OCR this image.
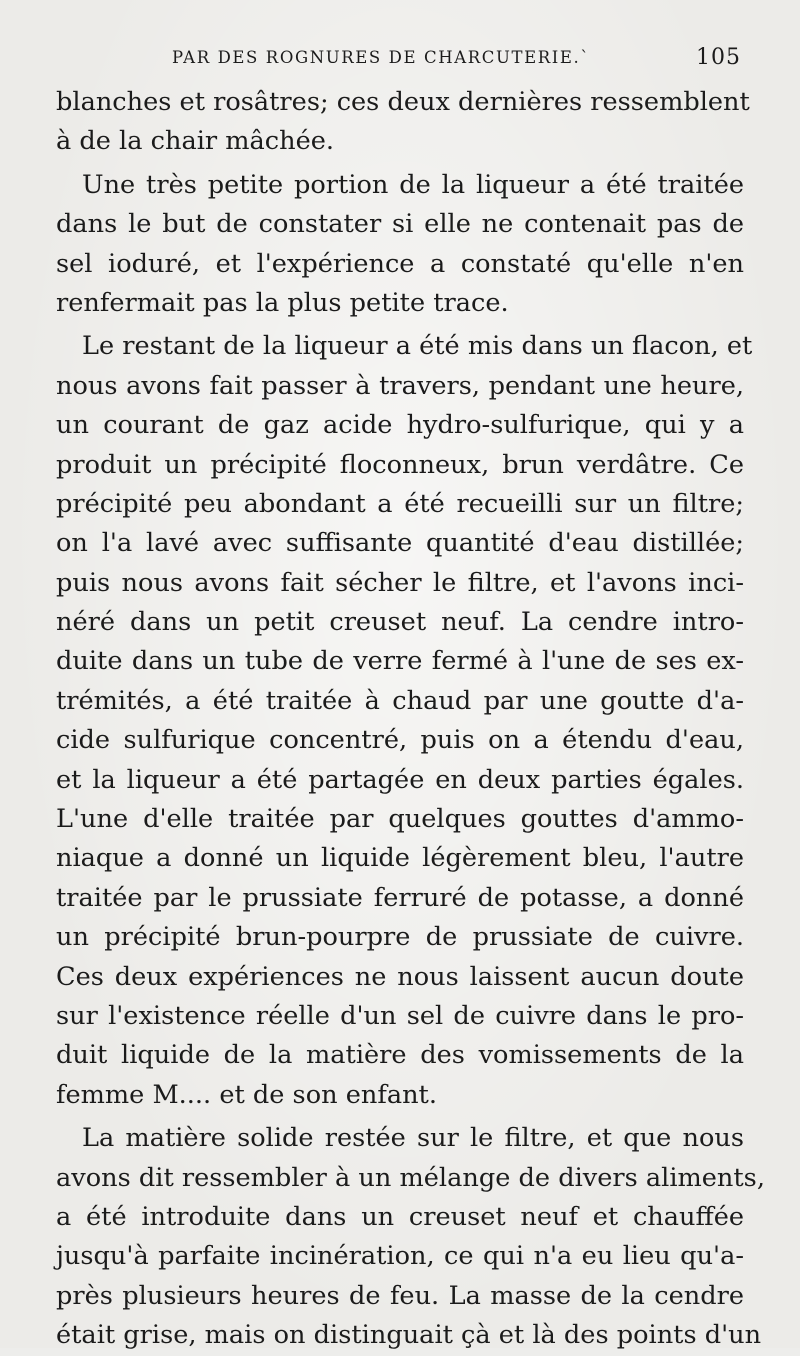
PAR DES ROGNURES DE CHARCUTERIE.`	105
blanches et rosâtres; ces deux dernières ressemblent
à de la chair mâchée.
Une très petite portion de la liqueur a été traitée
dans le but de constater si elle ne contenait pas de
sel ioduré, et l'expérience a constaté qu'elle n'en
renfermait pas la plus petite trace.
Le restant de la liqueur a été mis dans un flacon, et
nous avons fait passer à travers, pendant une heure,
un courant de gaz acide hydro-sulfurique, qui y a
produit un précipité floconneux, brun verdâtre. Ce
précipité peu abondant a été recueilli sur un filtre;
on l'a lavé avec suffisante quantité d'eau distillée;
puis nous avons fait sécher le filtre, et l'avons inci-
néré dans un petit creuset neuf. La cendre intro-
duite dans un tube de verre fermé à l'une de ses ex-
trémités, a été traitée à chaud par une goutte d'a-
cide sulfurique concentré, puis on a étendu d'eau,
et la liqueur a été partagée en deux parties égales.
L'une d'elle traitée par quelques gouttes d'ammo-
niaque a donné un liquide légèrement bleu, l'autre
traitée par le prussiate ferruré de potasse, a donné
un précipité brun-pourpre de prussiate de cuivre.
Ces deux expériences ne nous laissent aucun doute
sur l'existence réelle d'un sel de cuivre dans le pro-
duit liquide de la matière des vomissements de la
femme M.... et de son enfant.
La matière solide restée sur le filtre, et que nous
avons dit ressembler à un mélange de divers aliments,
a été introduite dans un creuset neuf et chauffée
jusqu'à parfaite incinération, ce qui n'a eu lieu qu'a-
près plusieurs heures de feu. La masse de la cendre
était grise, mais on distinguait çà et là des points d'un
